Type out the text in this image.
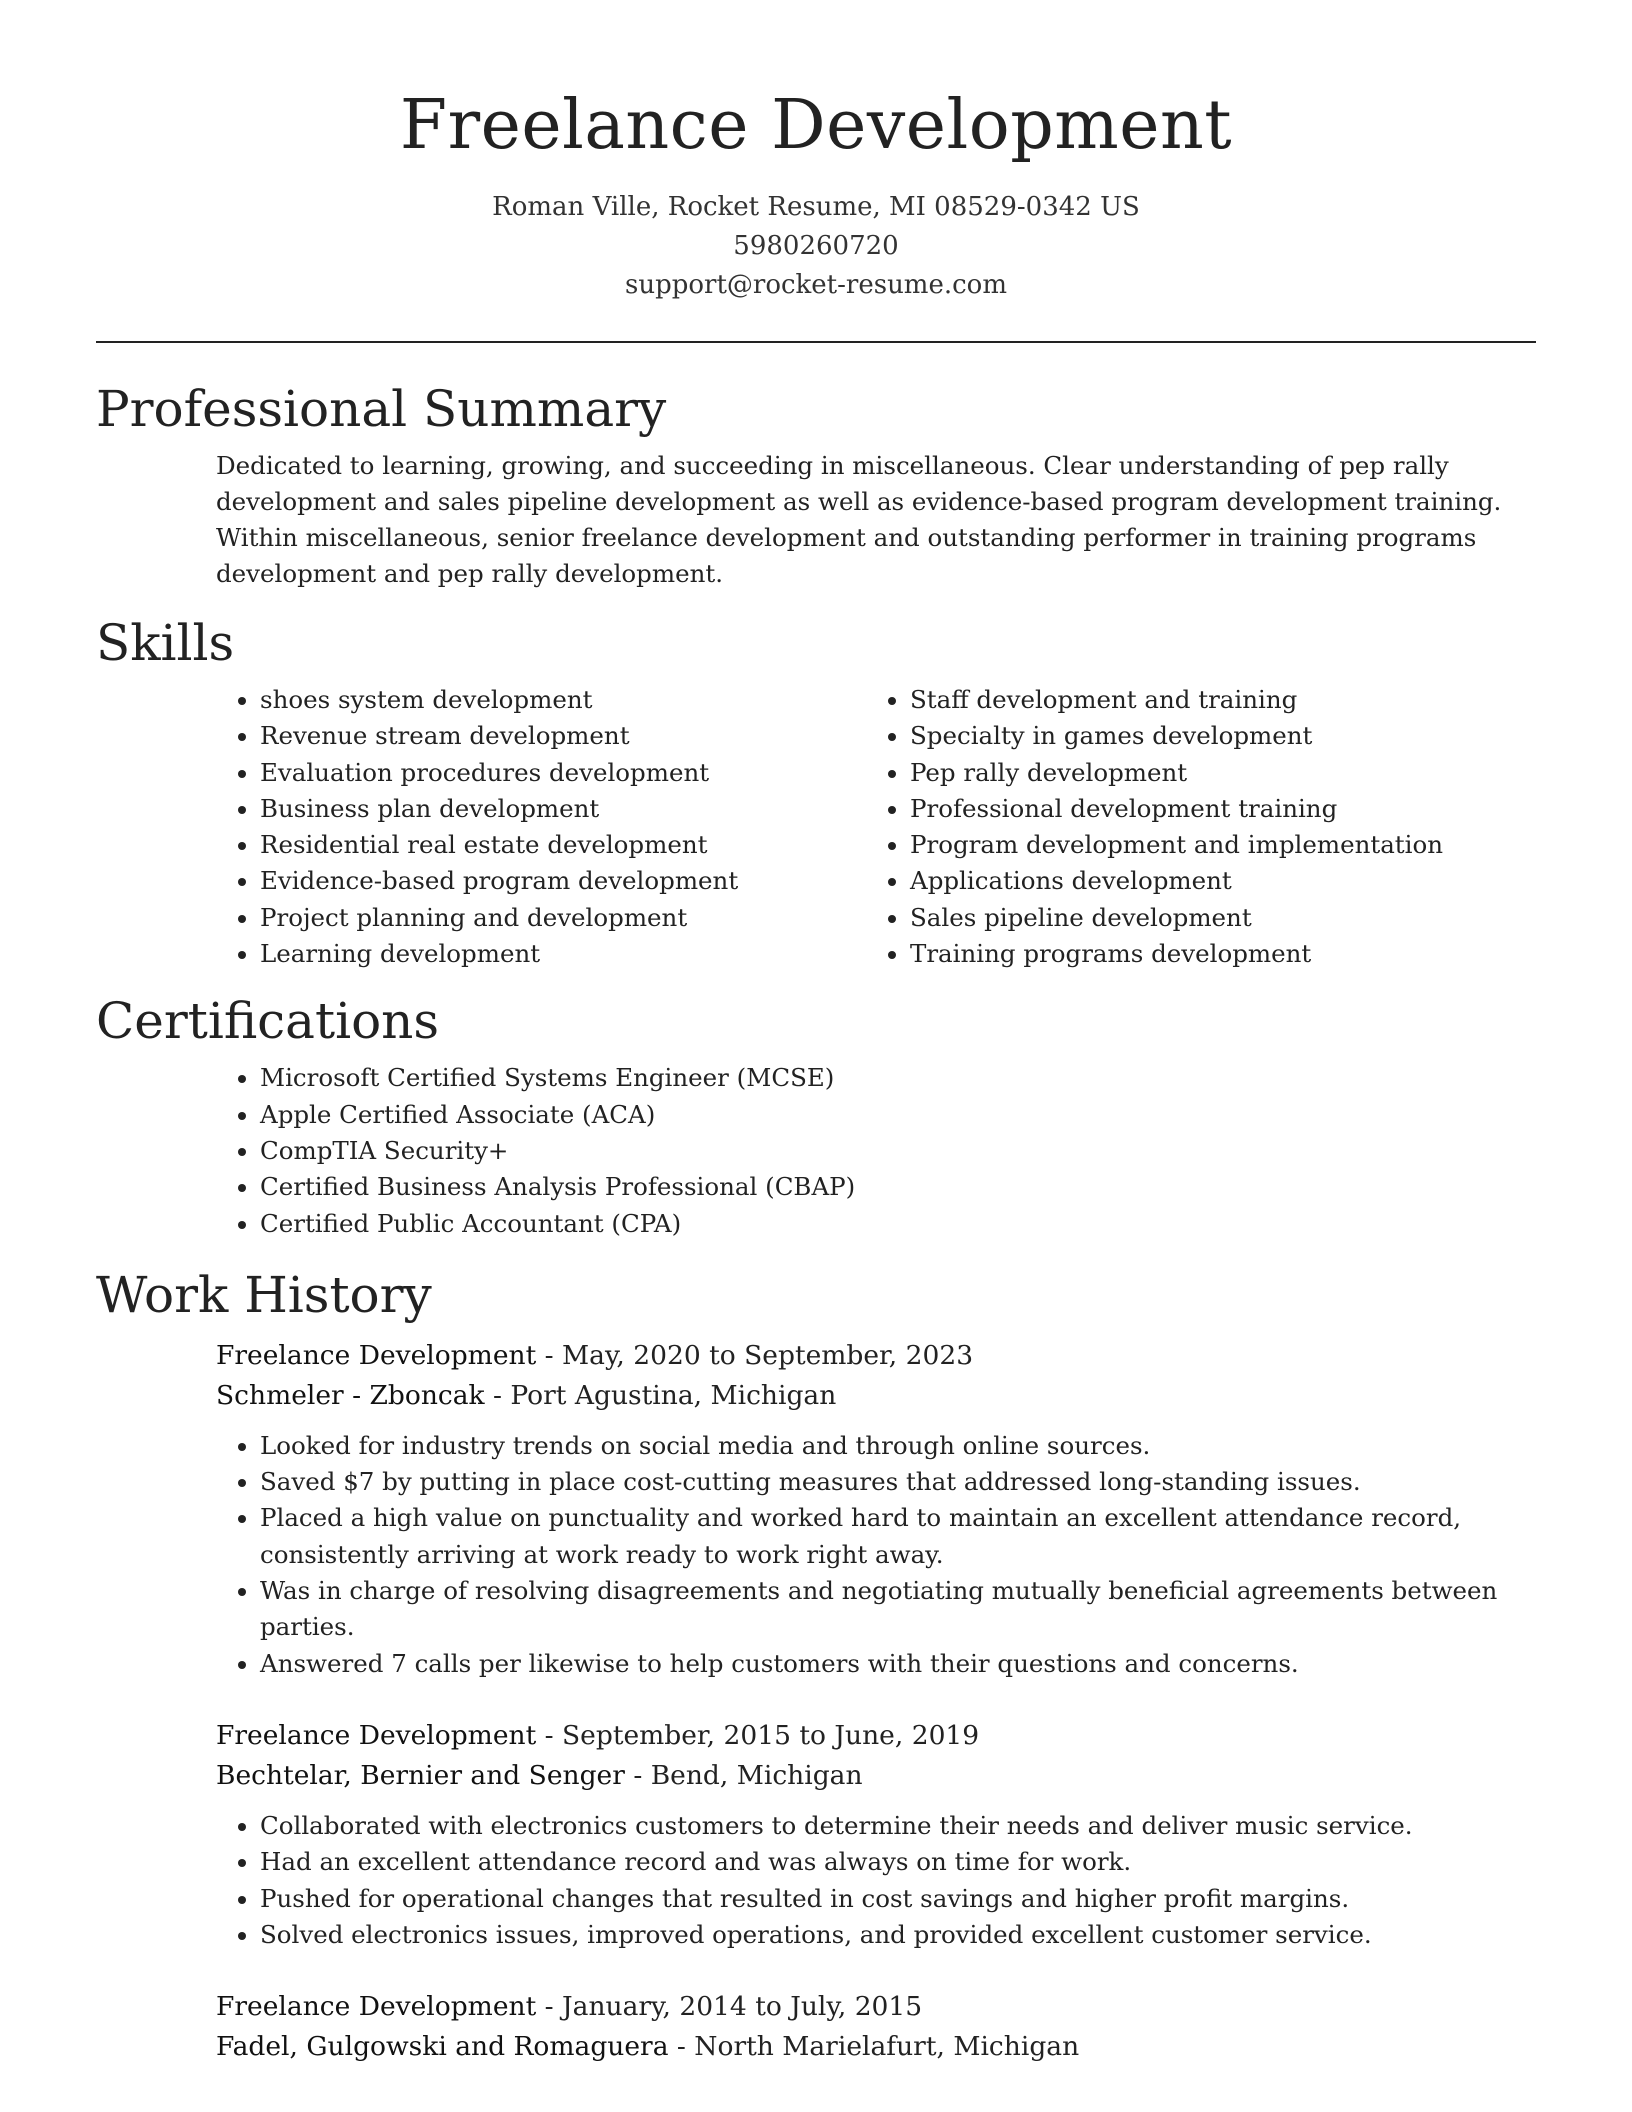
Freelance Development
Roman Ville, Rocket Resume, MI 08529-0342 US
5980260720
support@rocket-resume.com
Professional Summary

Dedicated to learning, growing, and succeeding in miscellaneous. Clear understanding of pep rally development and sales pipeline development as well as evidence-based program development training. Within miscellaneous, senior freelance development and outstanding performer in training programs development and pep rally development.

Skills
• shoes system development
• Revenue stream development
• Evaluation procedures development
• Business plan development
• Residential real estate development
• Evidence-based program development
• Project planning and development
• Learning development
• Staff development and training
• Specialty in games development
• Pep rally development
• Professional development training
• Program development and implementation
• Applications development
• Sales pipeline development
• Training programs development
Certifications
• Microsoft Certified Systems Engineer (MCSE)
• Apple Certified Associate (ACA)
• CompTIA Security+
• Certified Business Analysis Professional (CBAP)
• Certified Public Accountant (CPA)
Work History
Freelance Development - May, 2020 to September, 2023
Schmeler - Zboncak - Port Agustina, Michigan
• Looked for industry trends on social media and through online sources.
• Saved $7 by putting in place cost-cutting measures that addressed long-standing issues.
• Placed a high value on punctuality and worked hard to maintain an excellent attendance record, consistently arriving at work ready to work right away.
• Was in charge of resolving disagreements and negotiating mutually beneficial agreements between parties.
• Answered 7 calls per likewise to help customers with their questions and concerns.
Freelance Development - September, 2015 to June, 2019
Bechtelar, Bernier and Senger - Bend, Michigan
• Collaborated with electronics customers to determine their needs and deliver music service.
• Had an excellent attendance record and was always on time for work.
• Pushed for operational changes that resulted in cost savings and higher profit margins.
• Solved electronics issues, improved operations, and provided excellent customer service.
Freelance Development - January, 2014 to July, 2015
Fadel, Gulgowski and Romaguera - North Marielafurt, Michigan
